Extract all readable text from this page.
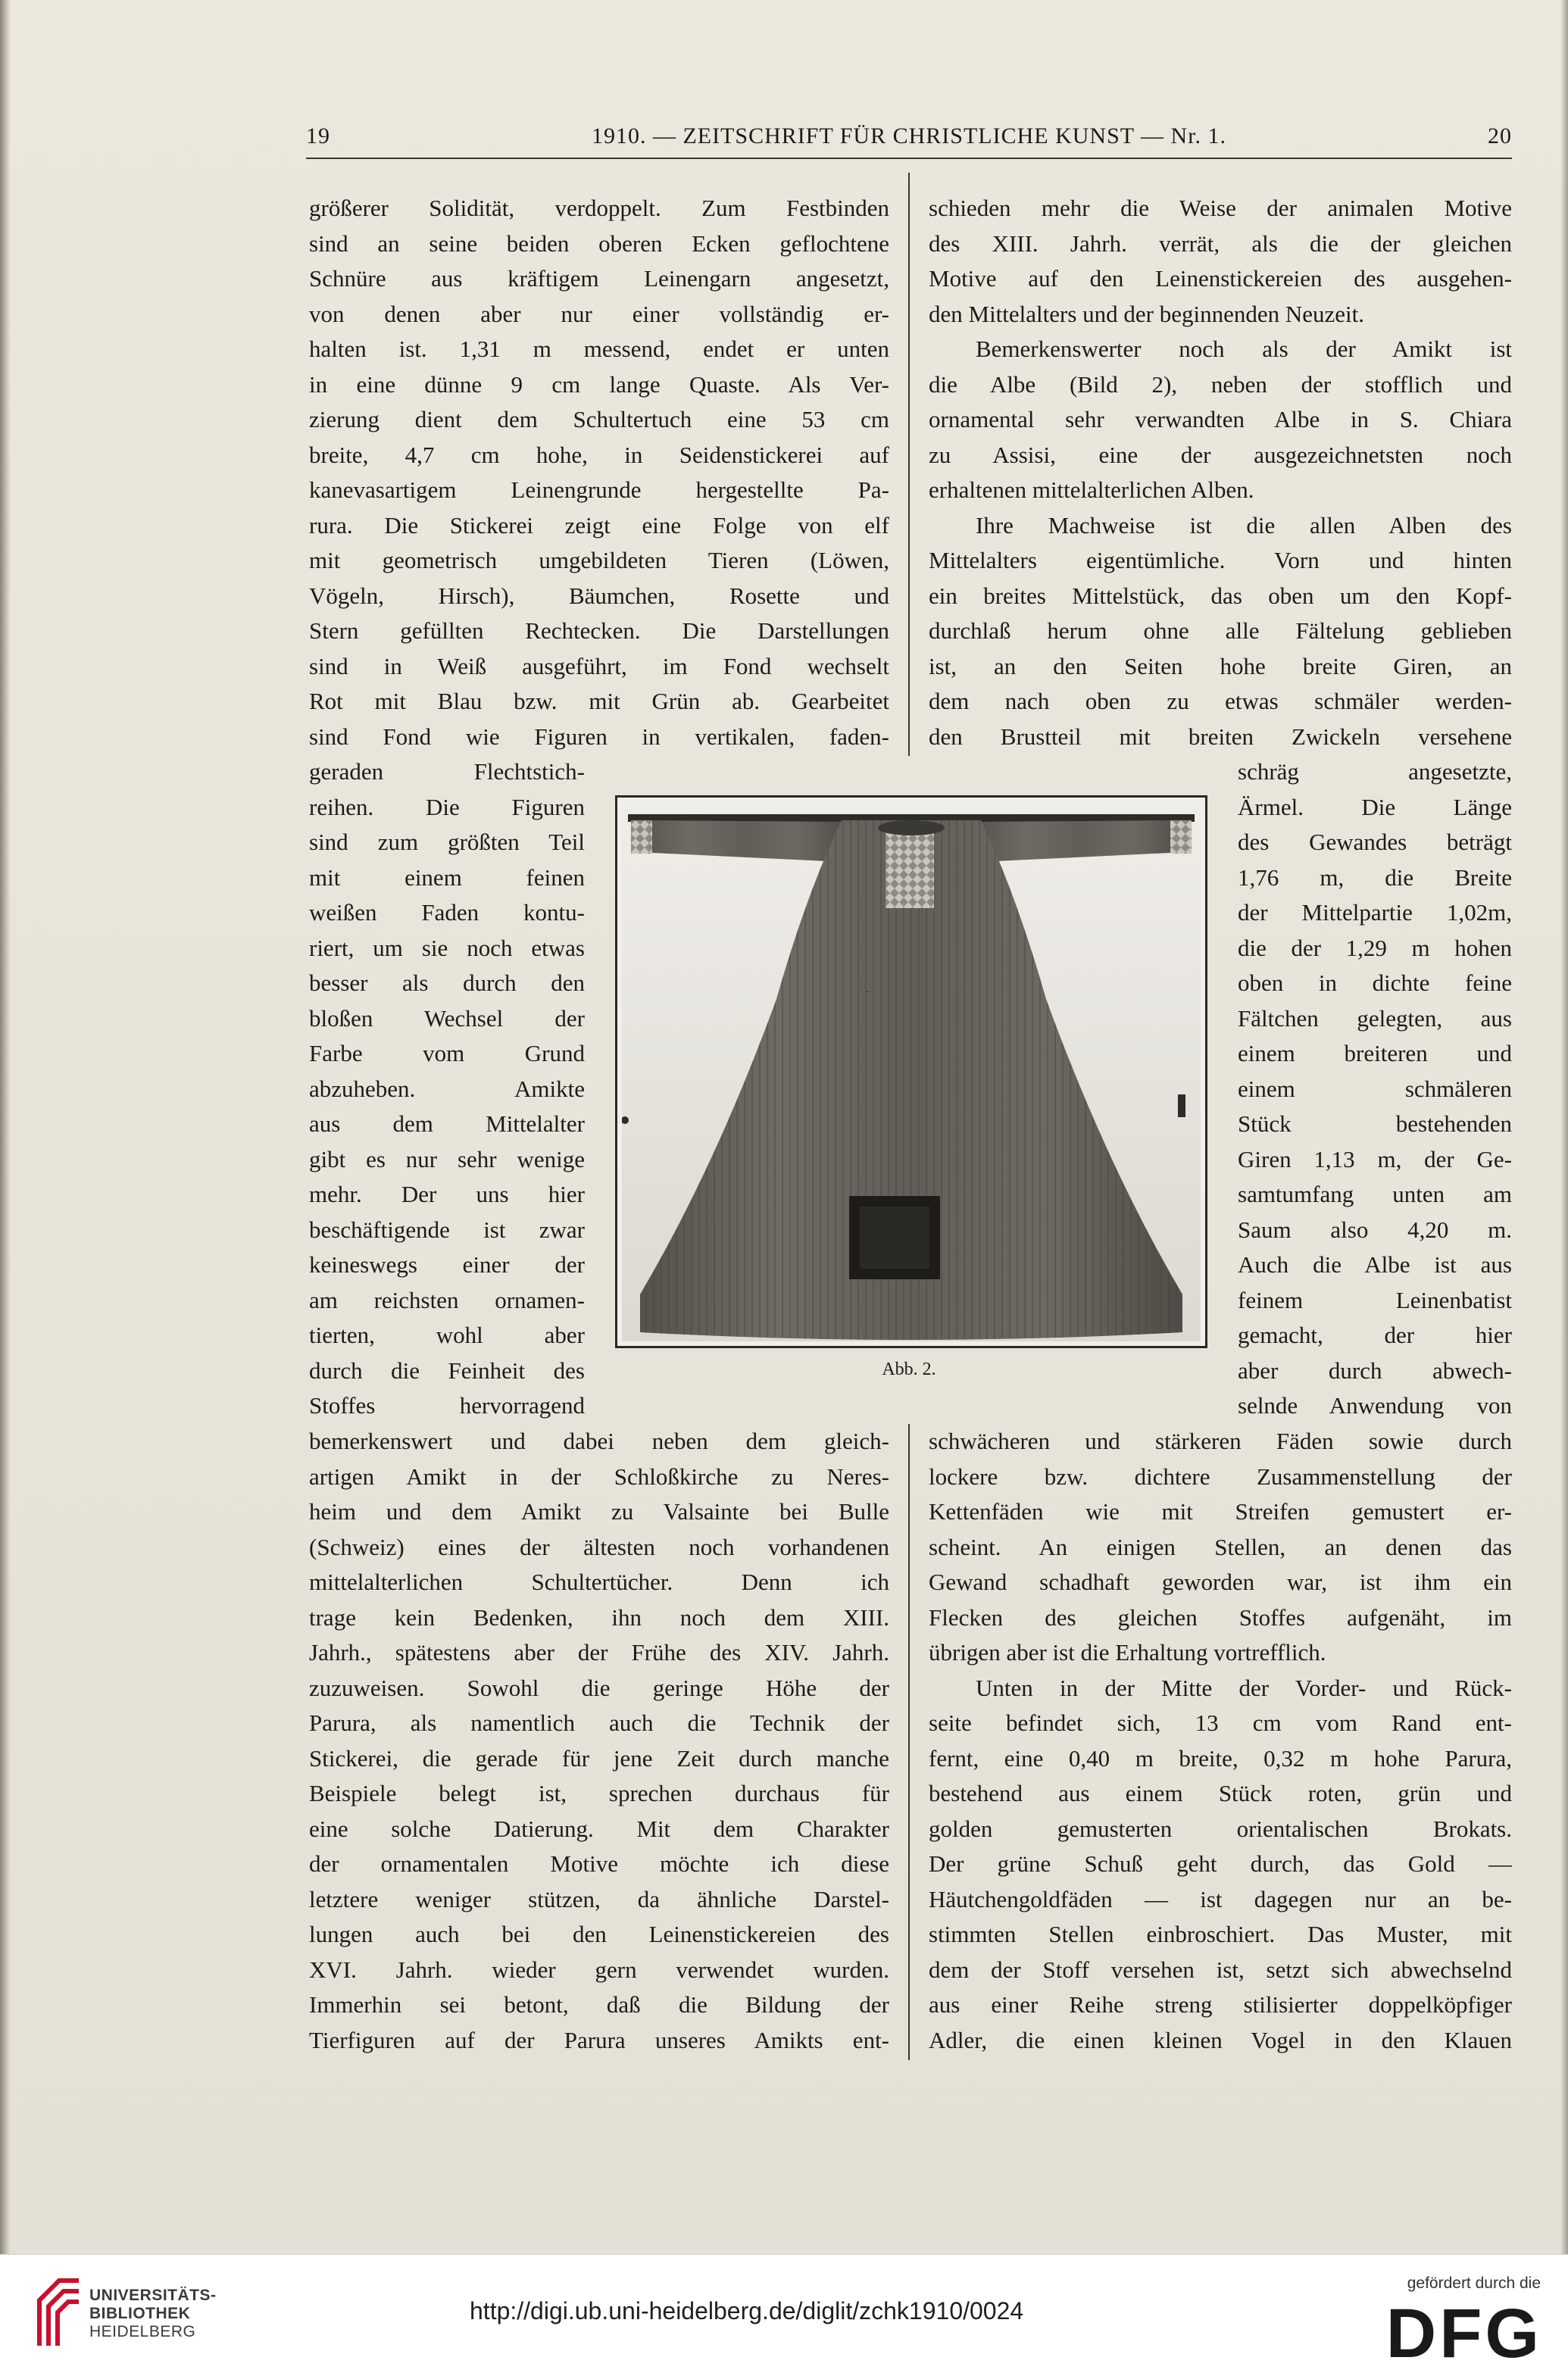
19	1910. — ZEITSCHRIFT FÜR CHRISTLICHE KUNST — Nr. 1.	20
größerer Solidität, verdoppelt. Zum Festbinden
sind an seine beiden oberen Ecken geflochtene
Schnüre aus kräftigem Leinengarn angesetzt,
von denen aber nur einer vollständig er-
halten ist. 1,31 m messend, endet er unten
in eine dünne 9 cm lange Quaste. Als Ver-
zierung dient dem Schultertuch eine 53 cm
breite, 4,7 cm hohe, in Seidenstickerei auf
kanevasartigem Leinengrunde hergestellte Pa-
rura. Die Stickerei zeigt eine Folge von elf
mit geometrisch umgebildeten Tieren (Löwen,
Vögeln, Hirsch), Bäumchen, Rosette und
Stern gefüllten Rechtecken. Die Darstellungen
sind in Weiß ausgeführt, im Fond wechselt
Rot mit Blau bzw. mit Grün ab. Gearbeitet
sind Fond wie Figuren in vertikalen, faden-
geraden Flechtstich-
reihen. Die Figuren
sind zum größten Teil
mit einem feinen
weißen Faden kontu-
riert, um sie noch etwas
besser als durch den
bloßen Wechsel der
Farbe vom Grund
abzuheben. Amikte
aus dem Mittelalter
gibt es nur sehr wenige
mehr. Der uns hier
beschäftigende ist zwar
keineswegs einer der
am reichsten ornamen-
tierten, wohl aber
durch die Feinheit des
Stoffes hervorragend
bemerkenswert und dabei neben dem gleich-
artigen Amikt in der Schloßkirche zu Neres-
heim und dem Amikt zu Valsainte bei Bulle
(Schweiz) eines der ältesten noch vorhandenen
mittelalterlichen Schultertücher. Denn ich
trage kein Bedenken, ihn noch dem XIII.
Jahrh., spätestens aber der Frühe des XIV. Jahrh.
zuzuweisen. Sowohl die geringe Höhe der
Parura, als namentlich auch die Technik der
Stickerei, die gerade für jene Zeit durch manche
Beispiele belegt ist, sprechen durchaus für
eine solche Datierung. Mit dem Charakter
der ornamentalen Motive möchte ich diese
letztere weniger stützen, da ähnliche Darstel-
lungen auch bei den Leinenstickereien des
XVI. Jahrh. wieder gern verwendet wurden.
Immerhin sei betont, daß die Bildung der
Tierfiguren auf der Parura unseres Amikts ent-
schieden mehr die Weise der animalen Motive
des XIII. Jahrh. verrät, als die der gleichen
Motive auf den Leinenstickereien des ausgehen-
den Mittelalters und der beginnenden Neuzeit.
Bemerkenswerter noch als der Amikt ist
die Albe (Bild 2), neben der stofflich und
ornamental sehr verwandten Albe in S. Chiara
zu Assisi, eine der ausgezeichnetsten noch
erhaltenen mittelalterlichen Alben.
Ihre Machweise ist die allen Alben des
Mittelalters eigentümliche. Vorn und hinten
ein breites Mittelstück, das oben um den Kopf-
durchlaß herum ohne alle Fältelung geblieben
ist, an den Seiten hohe breite Giren, an
dem nach oben zu etwas schmäler werden-
den Brustteil mit breiten Zwickeln versehene
schräg angesetzte,
Ärmel. Die Länge
des Gewandes beträgt
1,76 m, die Breite
der Mittelpartie 1,02m,
die der 1,29 m hohen
oben in dichte feine
Fältchen gelegten, aus
einem breiteren und
einem schmäleren
Stück bestehenden
Giren 1,13 m, der Ge-
samtumfang unten am
Saum also 4,20 m.
Auch die Albe ist aus
feinem Leinenbatist
gemacht, der hier
aber durch abwech-
selnde Anwendung von
schwächeren und stärkeren Fäden sowie durch
lockere bzw. dichtere Zusammenstellung der
Kettenfäden wie mit Streifen gemustert er-
scheint. An einigen Stellen, an denen das
Gewand schadhaft geworden war, ist ihm ein
Flecken des gleichen Stoffes aufgenäht, im
übrigen aber ist die Erhaltung vortrefflich.
Unten in der Mitte der Vorder- und Rück-
seite befindet sich, 13 cm vom Rand ent-
fernt, eine 0,40 m breite, 0,32 m hohe Parura,
bestehend aus einem Stück roten, grün und
golden gemusterten orientalischen Brokats.
Der grüne Schuß geht durch, das Gold —
Häutchengoldfäden — ist dagegen nur an be-
stimmten Stellen einbroschiert. Das Muster, mit
dem der Stoff versehen ist, setzt sich abwechselnd
aus einer Reihe streng stilisierter doppelköpfiger
Adler, die einen kleinen Vogel in den Klauen
Abb. 2.
UNIVERSITÄTS-
BIBLIOTHEK
HEIDELBERG
http://digi.ub.uni-heidelberg.de/diglit/zchk1910/0024
gefördert durch die
DFG
